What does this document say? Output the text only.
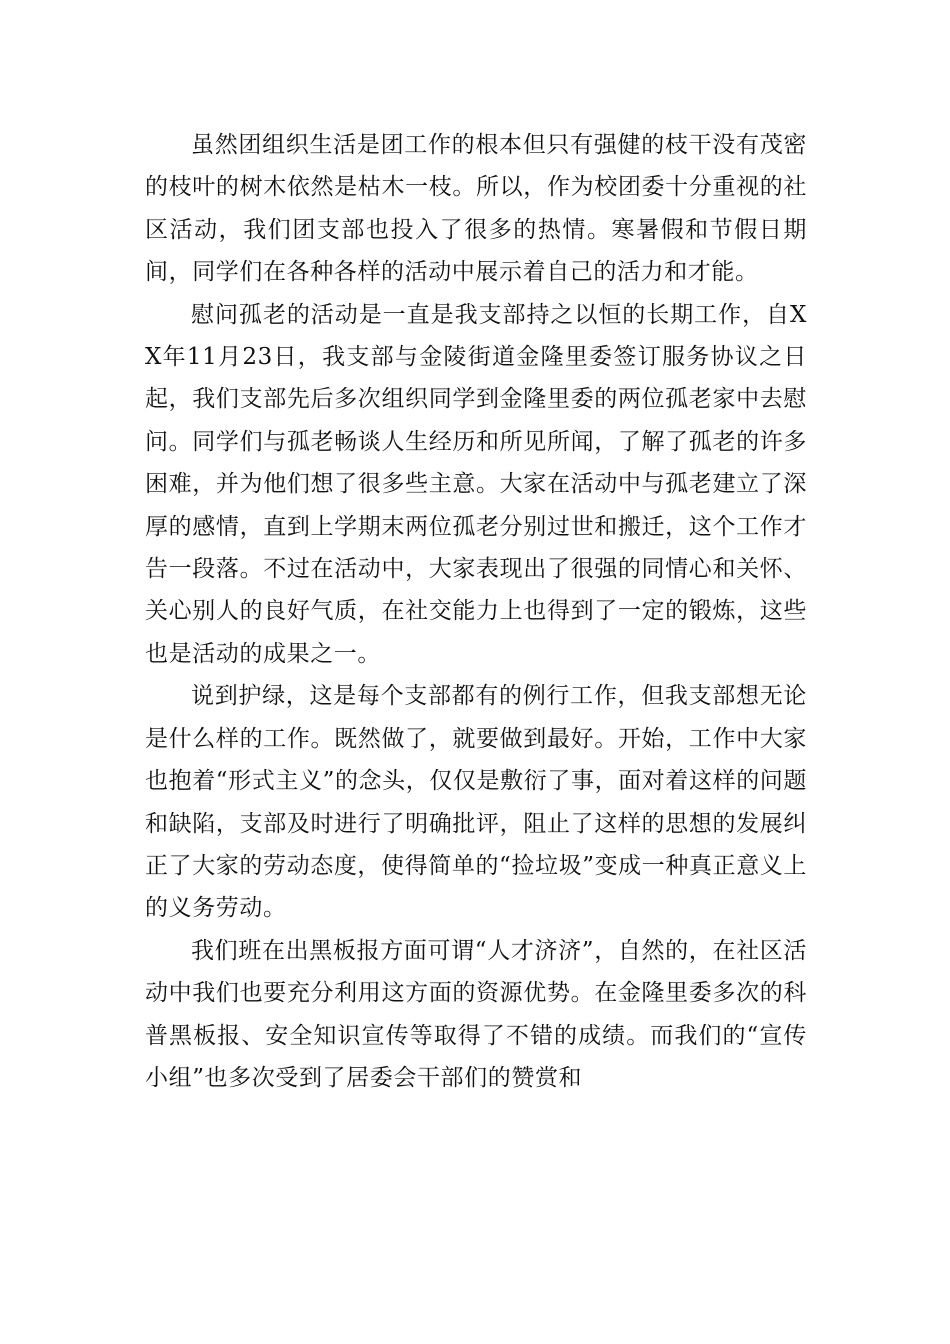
虽然团组织生活是团工作的根本但只有强健的枝干没有茂密的枝叶的树木依然是枯木一枝。所以，作为校团委十分重视的社区活动，我们团支部也投入了很多的热情。寒暑假和节假日期间，同学们在各种各样的活动中展示着自己的活力和才能。

慰问孤老的活动是一直是我支部持之以恒的长期工作，自XX年11月23日，我支部与金陵街道金隆里委签订服务协议之日起，我们支部先后多次组织同学到金隆里委的两位孤老家中去慰问。同学们与孤老畅谈人生经历和所见所闻，了解了孤老的许多困难，并为他们想了很多些主意。大家在活动中与孤老建立了深厚的感情，直到上学期末两位孤老分别过世和搬迁，这个工作才告一段落。不过在活动中，大家表现出了很强的同情心和关怀、关心别人的良好气质，在社交能力上也得到了一定的锻炼，这些也是活动的成果之一。

说到护绿，这是每个支部都有的例行工作，但我支部想无论是什么样的工作。既然做了，就要做到最好。开始，工作中大家也抱着“形式主义”的念头，仅仅是敷衍了事，面对着这样的问题和缺陷，支部及时进行了明确批评，阻止了这样的思想的发展纠正了大家的劳动态度，使得简单的“捡垃圾”变成一种真正意义上的义务劳动。

我们班在出黑板报方面可谓“人才济济”，自然的，在社区活动中我们也要充分利用这方面的资源优势。在金隆里委多次的科普黑板报、安全知识宣传等取得了不错的成绩。而我们的“宣传小组”也多次受到了居委会干部们的赞赏和
